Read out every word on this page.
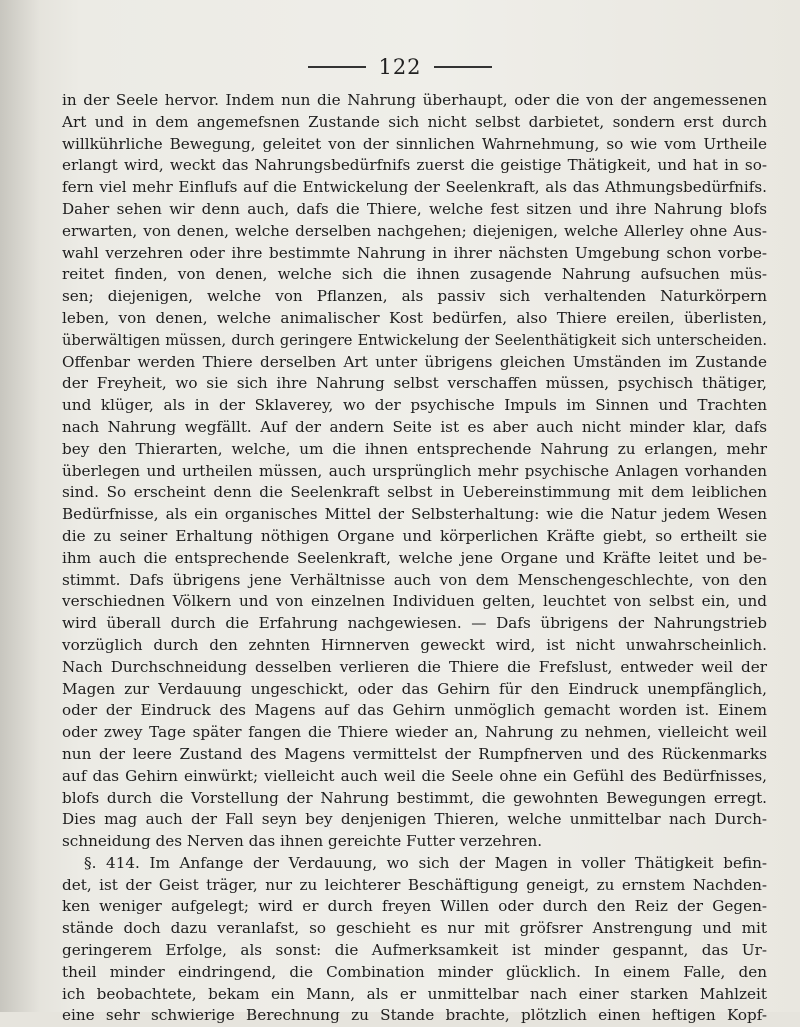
122
in der Seele hervor. Indem nun die Nahrung überhaupt, oder die von der angemessenen
Art und in dem angemefsnen Zustande sich nicht selbst darbietet, sondern erst durch
willkührliche Bewegung, geleitet von der sinnlichen Wahrnehmung, so wie vom Urtheile
erlangt wird, weckt das Nahrungsbedürfnifs zuerst die geistige Thätigkeit, und hat in so-
fern viel mehr Einflufs auf die Entwickelung der Seelenkraft, als das Athmungsbedürfnifs.
Daher sehen wir denn auch, dafs die Thiere, welche fest sitzen und ihre Nahrung blofs
erwarten, von denen, welche derselben nachgehen; diejenigen, welche Allerley ohne Aus-
wahl verzehren oder ihre bestimmte Nahrung in ihrer nächsten Umgebung schon vorbe-
reitet finden, von denen, welche sich die ihnen zusagende Nahrung aufsuchen müs-
sen; diejenigen, welche von Pflanzen, als passiv sich verhaltenden Naturkörpern
leben, von denen, welche animalischer Kost bedürfen, also Thiere ereilen, überlisten,
überwältigen müssen, durch geringere Entwickelung der Seelenthätigkeit sich unterscheiden.
Offenbar werden Thiere derselben Art unter übrigens gleichen Umständen im Zustande
der Freyheit, wo sie sich ihre Nahrung selbst verschaffen müssen, psychisch thätiger,
und klüger, als in der Sklaverey, wo der psychische Impuls im Sinnen und Trachten
nach Nahrung wegfällt. Auf der andern Seite ist es aber auch nicht minder klar, dafs
bey den Thierarten, welche, um die ihnen entsprechende Nahrung zu erlangen, mehr
überlegen und urtheilen müssen, auch ursprünglich mehr psychische Anlagen vorhanden
sind. So erscheint denn die Seelenkraft selbst in Uebereinstimmung mit dem leiblichen
Bedürfnisse, als ein organisches Mittel der Selbsterhaltung: wie die Natur jedem Wesen
die zu seiner Erhaltung nöthigen Organe und körperlichen Kräfte giebt, so ertheilt sie
ihm auch die entsprechende Seelenkraft, welche jene Organe und Kräfte leitet und be-
stimmt. Dafs übrigens jene Verhältnisse auch von dem Menschengeschlechte, von den
verschiednen Völkern und von einzelnen Individuen gelten, leuchtet von selbst ein, und
wird überall durch die Erfahrung nachgewiesen. — Dafs übrigens der Nahrungstrieb
vorzüglich durch den zehnten Hirnnerven geweckt wird, ist nicht unwahrscheinlich.
Nach Durchschneidung desselben verlieren die Thiere die Frefslust, entweder weil der
Magen zur Verdauung ungeschickt, oder das Gehirn für den Eindruck unempfänglich,
oder der Eindruck des Magens auf das Gehirn unmöglich gemacht worden ist. Einem
oder zwey Tage später fangen die Thiere wieder an, Nahrung zu nehmen, vielleicht weil
nun der leere Zustand des Magens vermittelst der Rumpfnerven und des Rückenmarks
auf das Gehirn einwürkt; vielleicht auch weil die Seele ohne ein Gefühl des Bedürfnisses,
blofs durch die Vorstellung der Nahrung bestimmt, die gewohnten Bewegungen erregt.
Dies mag auch der Fall seyn bey denjenigen Thieren, welche unmittelbar nach Durch-
schneidung des Nerven das ihnen gereichte Futter verzehren.
§. 414. Im Anfange der Verdauung, wo sich der Magen in voller Thätigkeit befin-
det, ist der Geist träger, nur zu leichterer Beschäftigung geneigt, zu ernstem Nachden-
ken weniger aufgelegt; wird er durch freyen Willen oder durch den Reiz der Gegen-
stände doch dazu veranlafst, so geschieht es nur mit gröfsrer Anstrengung und mit
geringerem Erfolge, als sonst: die Aufmerksamkeit ist minder gespannt, das Ur-
theil minder eindringend, die Combination minder glücklich. In einem Falle, den
ich beobachtete, bekam ein Mann, als er unmittelbar nach einer starken Mahlzeit
eine sehr schwierige Berechnung zu Stande brachte, plötzlich einen heftigen Kopf-
